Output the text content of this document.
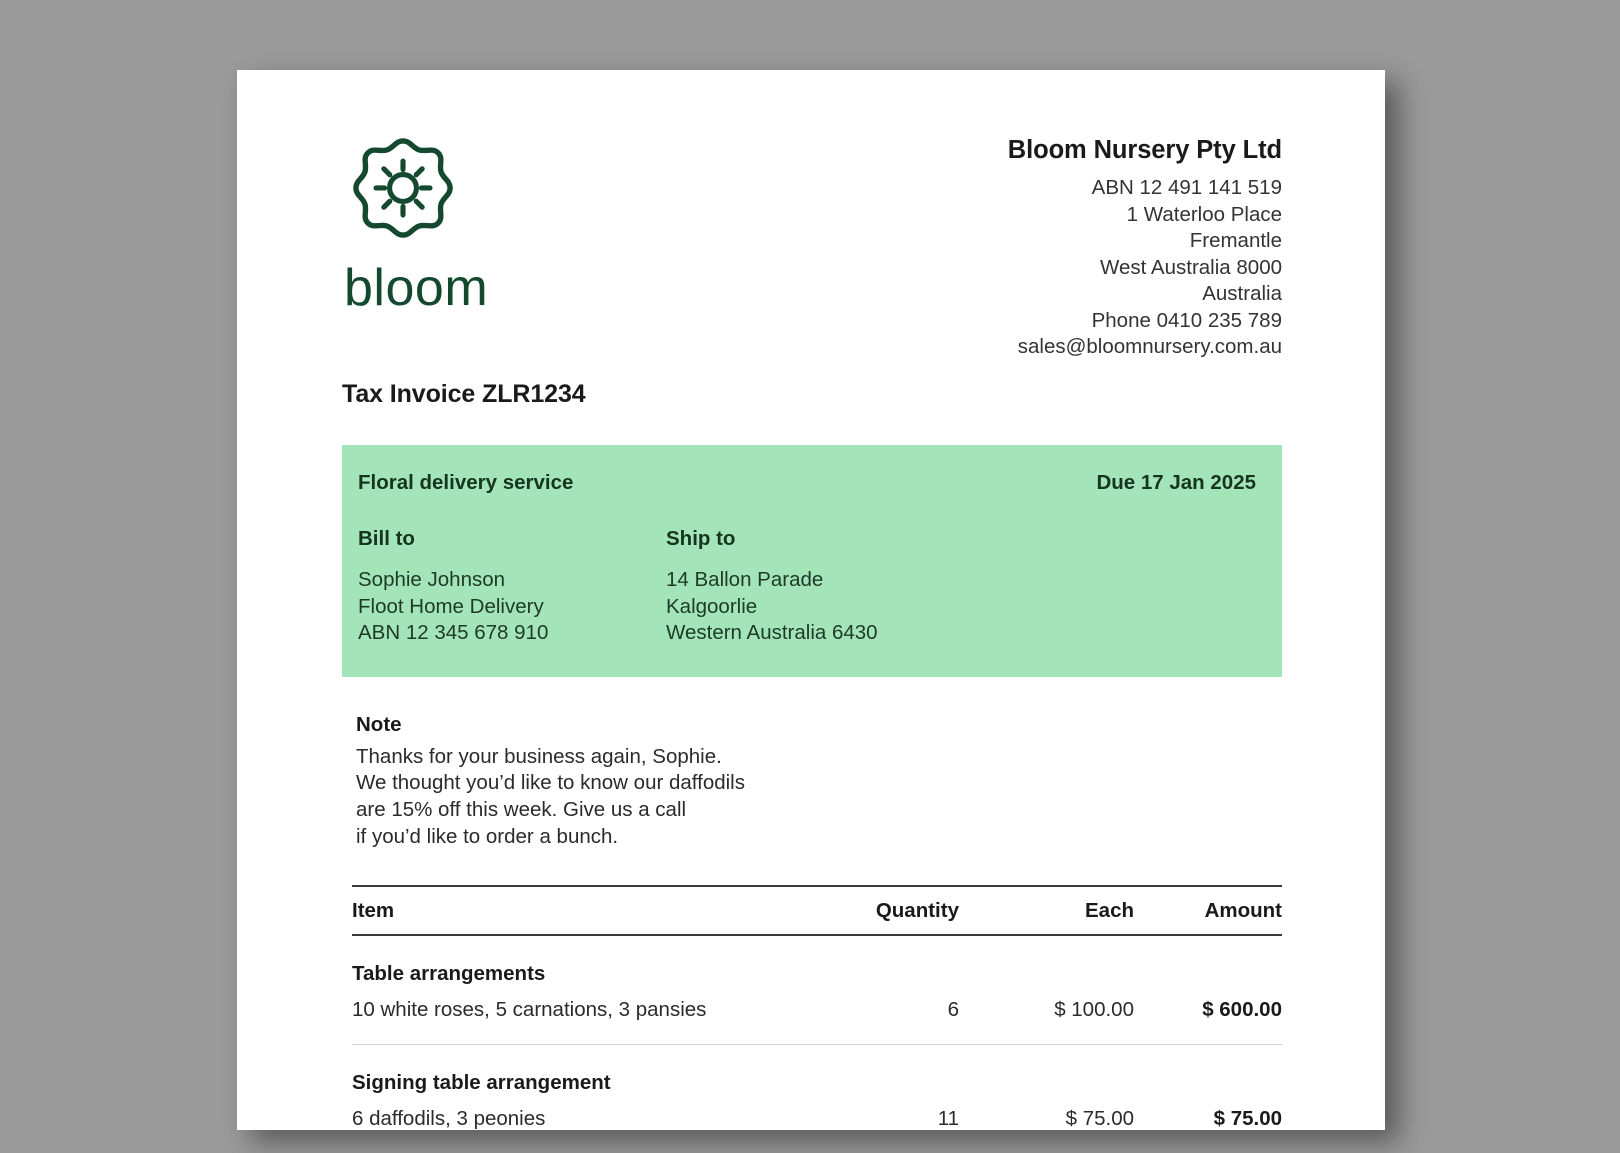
bloom
Bloom Nursery Pty Ltd
ABN 12 491 141 519
1 Waterloo Place
Fremantle
West Australia 8000
Australia
Phone 0410 235 789
sales@bloomnursery.com.au
Tax Invoice ZLR1234
Floral delivery service	Due 17 Jan 2025
Bill to
Sophie Johnson
Floot Home Delivery
ABN 12 345 678 910
Ship to
14 Ballon Parade
Kalgoorlie
Western Australia 6430
Note
Thanks for your business again, Sophie.
We thought you’d like to know our daffodils
are 15% off this week. Give us a call
if you’d like to order a bunch.
Item	Quantity	Each	Amount
Table arrangements
10 white roses, 5 carnations, 3 pansies	6	$ 100.00	$ 600.00
Signing table arrangement
6 daffodils, 3 peonies	11	$ 75.00	$ 75.00
